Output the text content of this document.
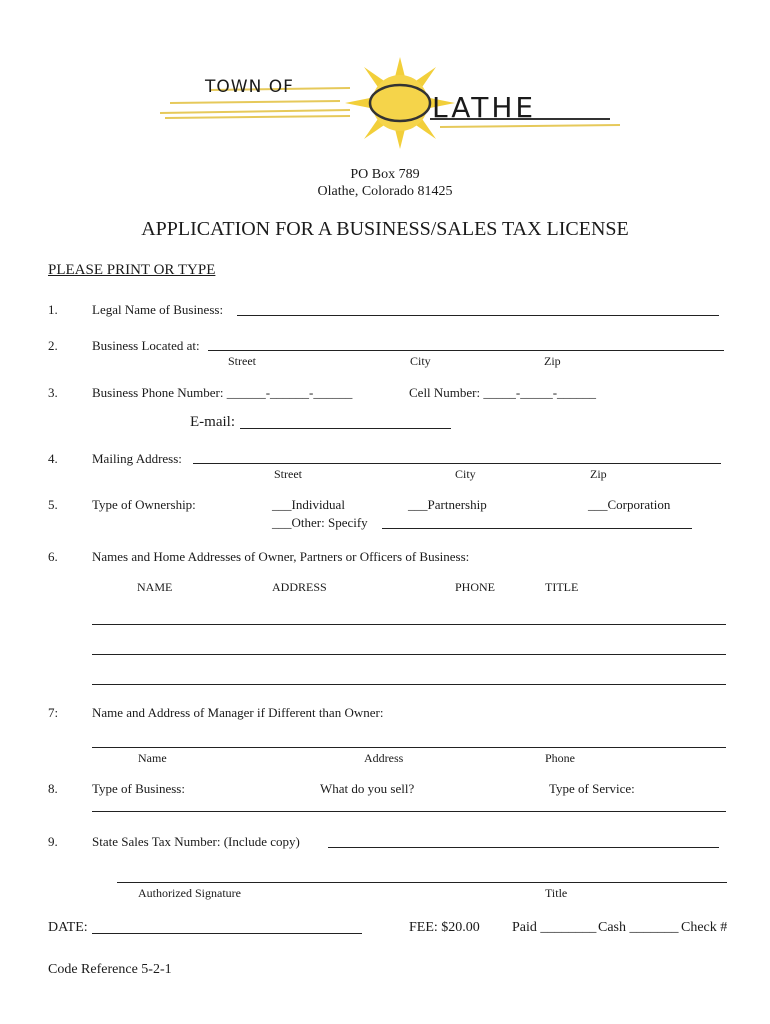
TOWN OF
LATHE
PO Box 789
Olathe, Colorado 81425
APPLICATION FOR A BUSINESS/SALES TAX LICENSE
PLEASE PRINT OR TYPE
1.	Legal Name of Business:
2.	Business Located at:
Street	City	Zip
3.	Business Phone Number: ______-______-______	Cell Number: _____-_____-______
E-mail:
4.	Mailing Address:
Street	City	Zip
5.	Type of Ownership:	___Individual	___Partnership	___Corporation
___Other: Specify
6.	Names and Home Addresses of Owner, Partners or Officers of Business:
NAME	ADDRESS	PHONE	TITLE
7:	Name and Address of Manager if Different than Owner:
Name	Address	Phone
8.	Type of Business:	What do you sell?	Type of Service:
9.	State Sales Tax Number: (Include copy)
Authorized Signature	Title
DATE:	FEE: $20.00 Paid ________ Cash _______ Check #
Code Reference 5-2-1
